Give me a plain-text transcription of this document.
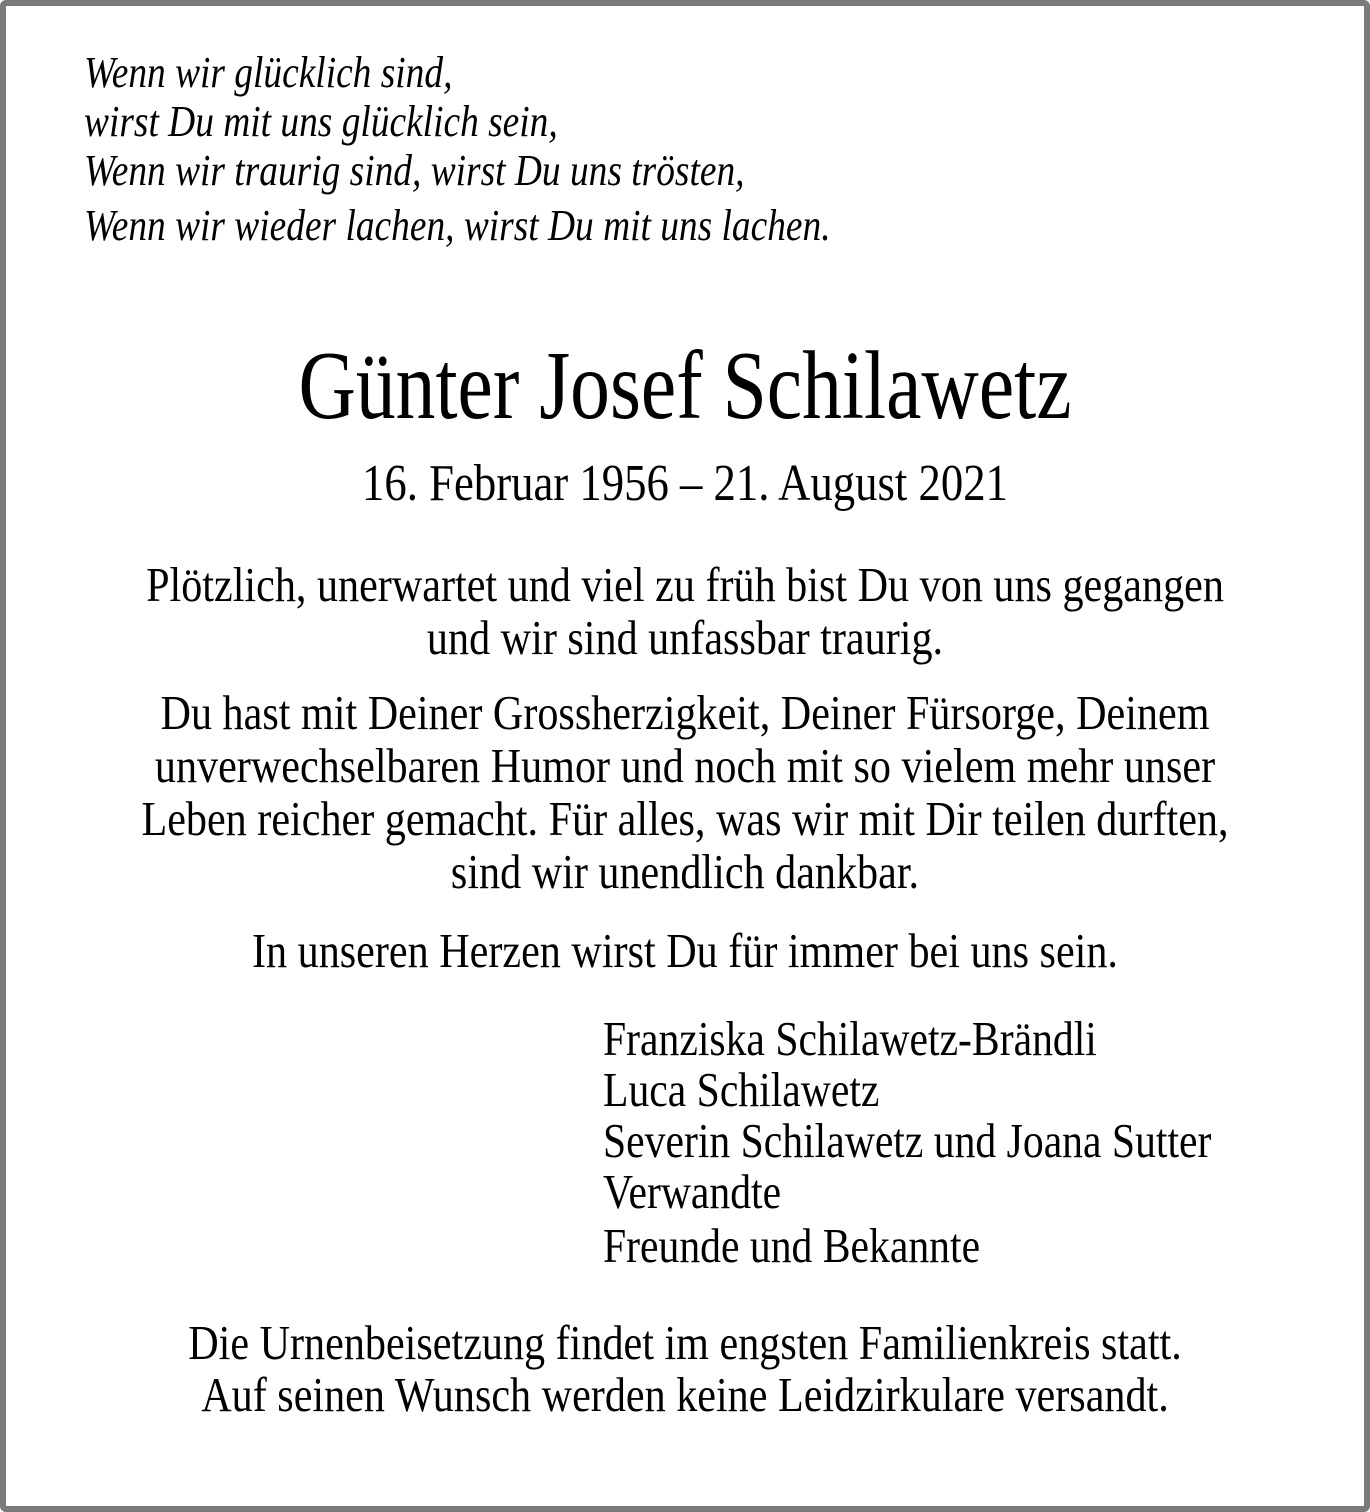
Wenn wir glücklich sind,
wirst Du mit uns glücklich sein,
Wenn wir traurig sind, wirst Du uns trösten,
Wenn wir wieder lachen, wirst Du mit uns lachen.
Günter Josef Schilawetz
16. Februar 1956 – 21. August 2021
Plötzlich, unerwartet und viel zu früh bist Du von uns gegangen
und wir sind unfassbar traurig.
Du hast mit Deiner Grossherzigkeit, Deiner Fürsorge, Deinem
unverwechselbaren Humor und noch mit so vielem mehr unser
Leben reicher gemacht. Für alles, was wir mit Dir teilen durften,
sind wir unendlich dankbar.
In unseren Herzen wirst Du für immer bei uns sein.
Franziska Schilawetz-Brändli
Luca Schilawetz
Severin Schilawetz und Joana Sutter
Verwandte
Freunde und Bekannte
Die Urnenbeisetzung findet im engsten Familienkreis statt.
Auf seinen Wunsch werden keine Leidzirkulare versandt.
